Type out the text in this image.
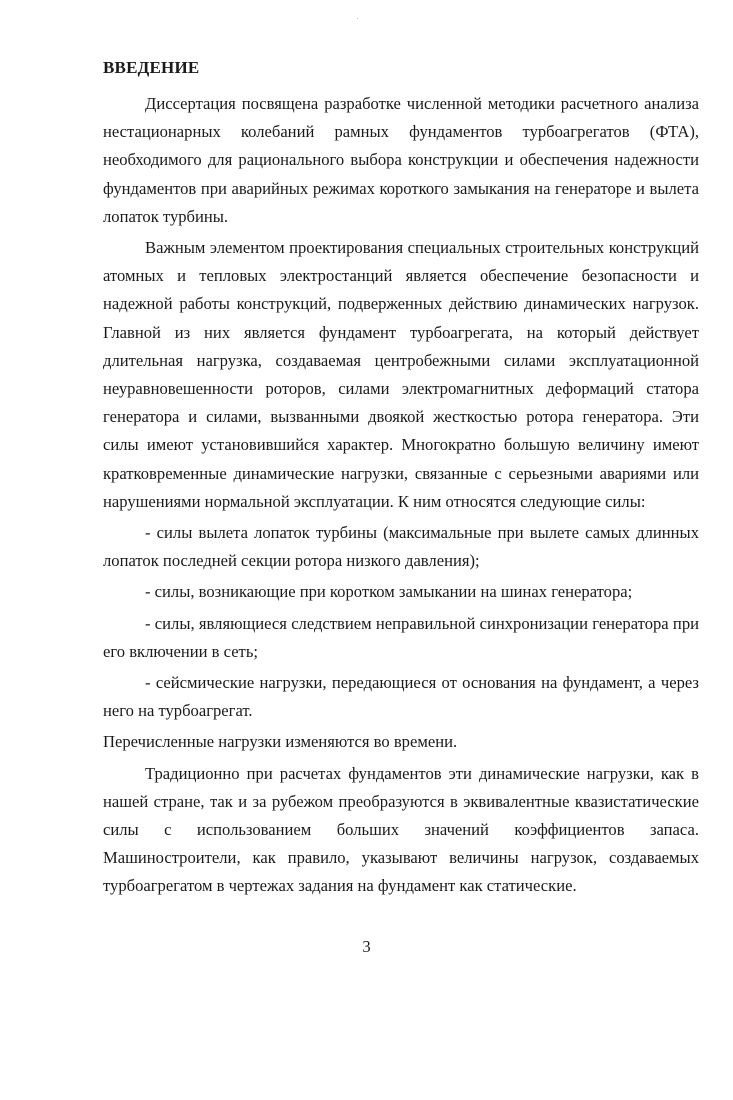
ВВЕДЕНИЕ

Диссертация посвящена разработке численной методики расчетного анализа нестационарных колебаний рамных фундаментов турбоагрегатов (ФТА), необходимого для рационального выбора конструкции и обеспечения надежности фундаментов при аварийных режимах короткого замыкания на генераторе и вылета лопаток турбины.

Важным элементом проектирования специальных строительных конструкций атомных и тепловых электростанций является обеспечение безопасности и надежной работы конструкций, подверженных действию динамических нагрузок. Главной из них является фундамент турбоагрегата, на который действует длительная нагрузка, создаваемая центробежными силами эксплуатационной неуравновешенности роторов, силами электромагнитных деформаций статора генератора и силами, вызванными двоякой жесткостью ротора генератора. Эти силы имеют установившийся характер. Многократно большую величину имеют кратковременные динамические нагрузки, связанные с серьезными авариями или нарушениями нормальной эксплуатации. К ним относятся следующие силы:

- силы вылета лопаток турбины (максимальные при вылете самых длинных лопаток последней секции ротора низкого давления);

- силы, возникающие при коротком замыкании на шинах генератора;

- силы, являющиеся следствием неправильной синхронизации генератора при его включении в сеть;

- сейсмические нагрузки, передающиеся от основания на фундамент, а через него на турбоагрегат.

Перечисленные нагрузки изменяются во времени.

Традиционно при расчетах фундаментов эти динамические нагрузки, как в нашей стране, так и за рубежом преобразуются в эквивалентные квазистатические силы с использованием больших значений коэффициентов запаса. Машиностроители, как правило, указывают величины нагрузок, создаваемых турбоагрегатом в чертежах задания на фундамент как статические.

3
